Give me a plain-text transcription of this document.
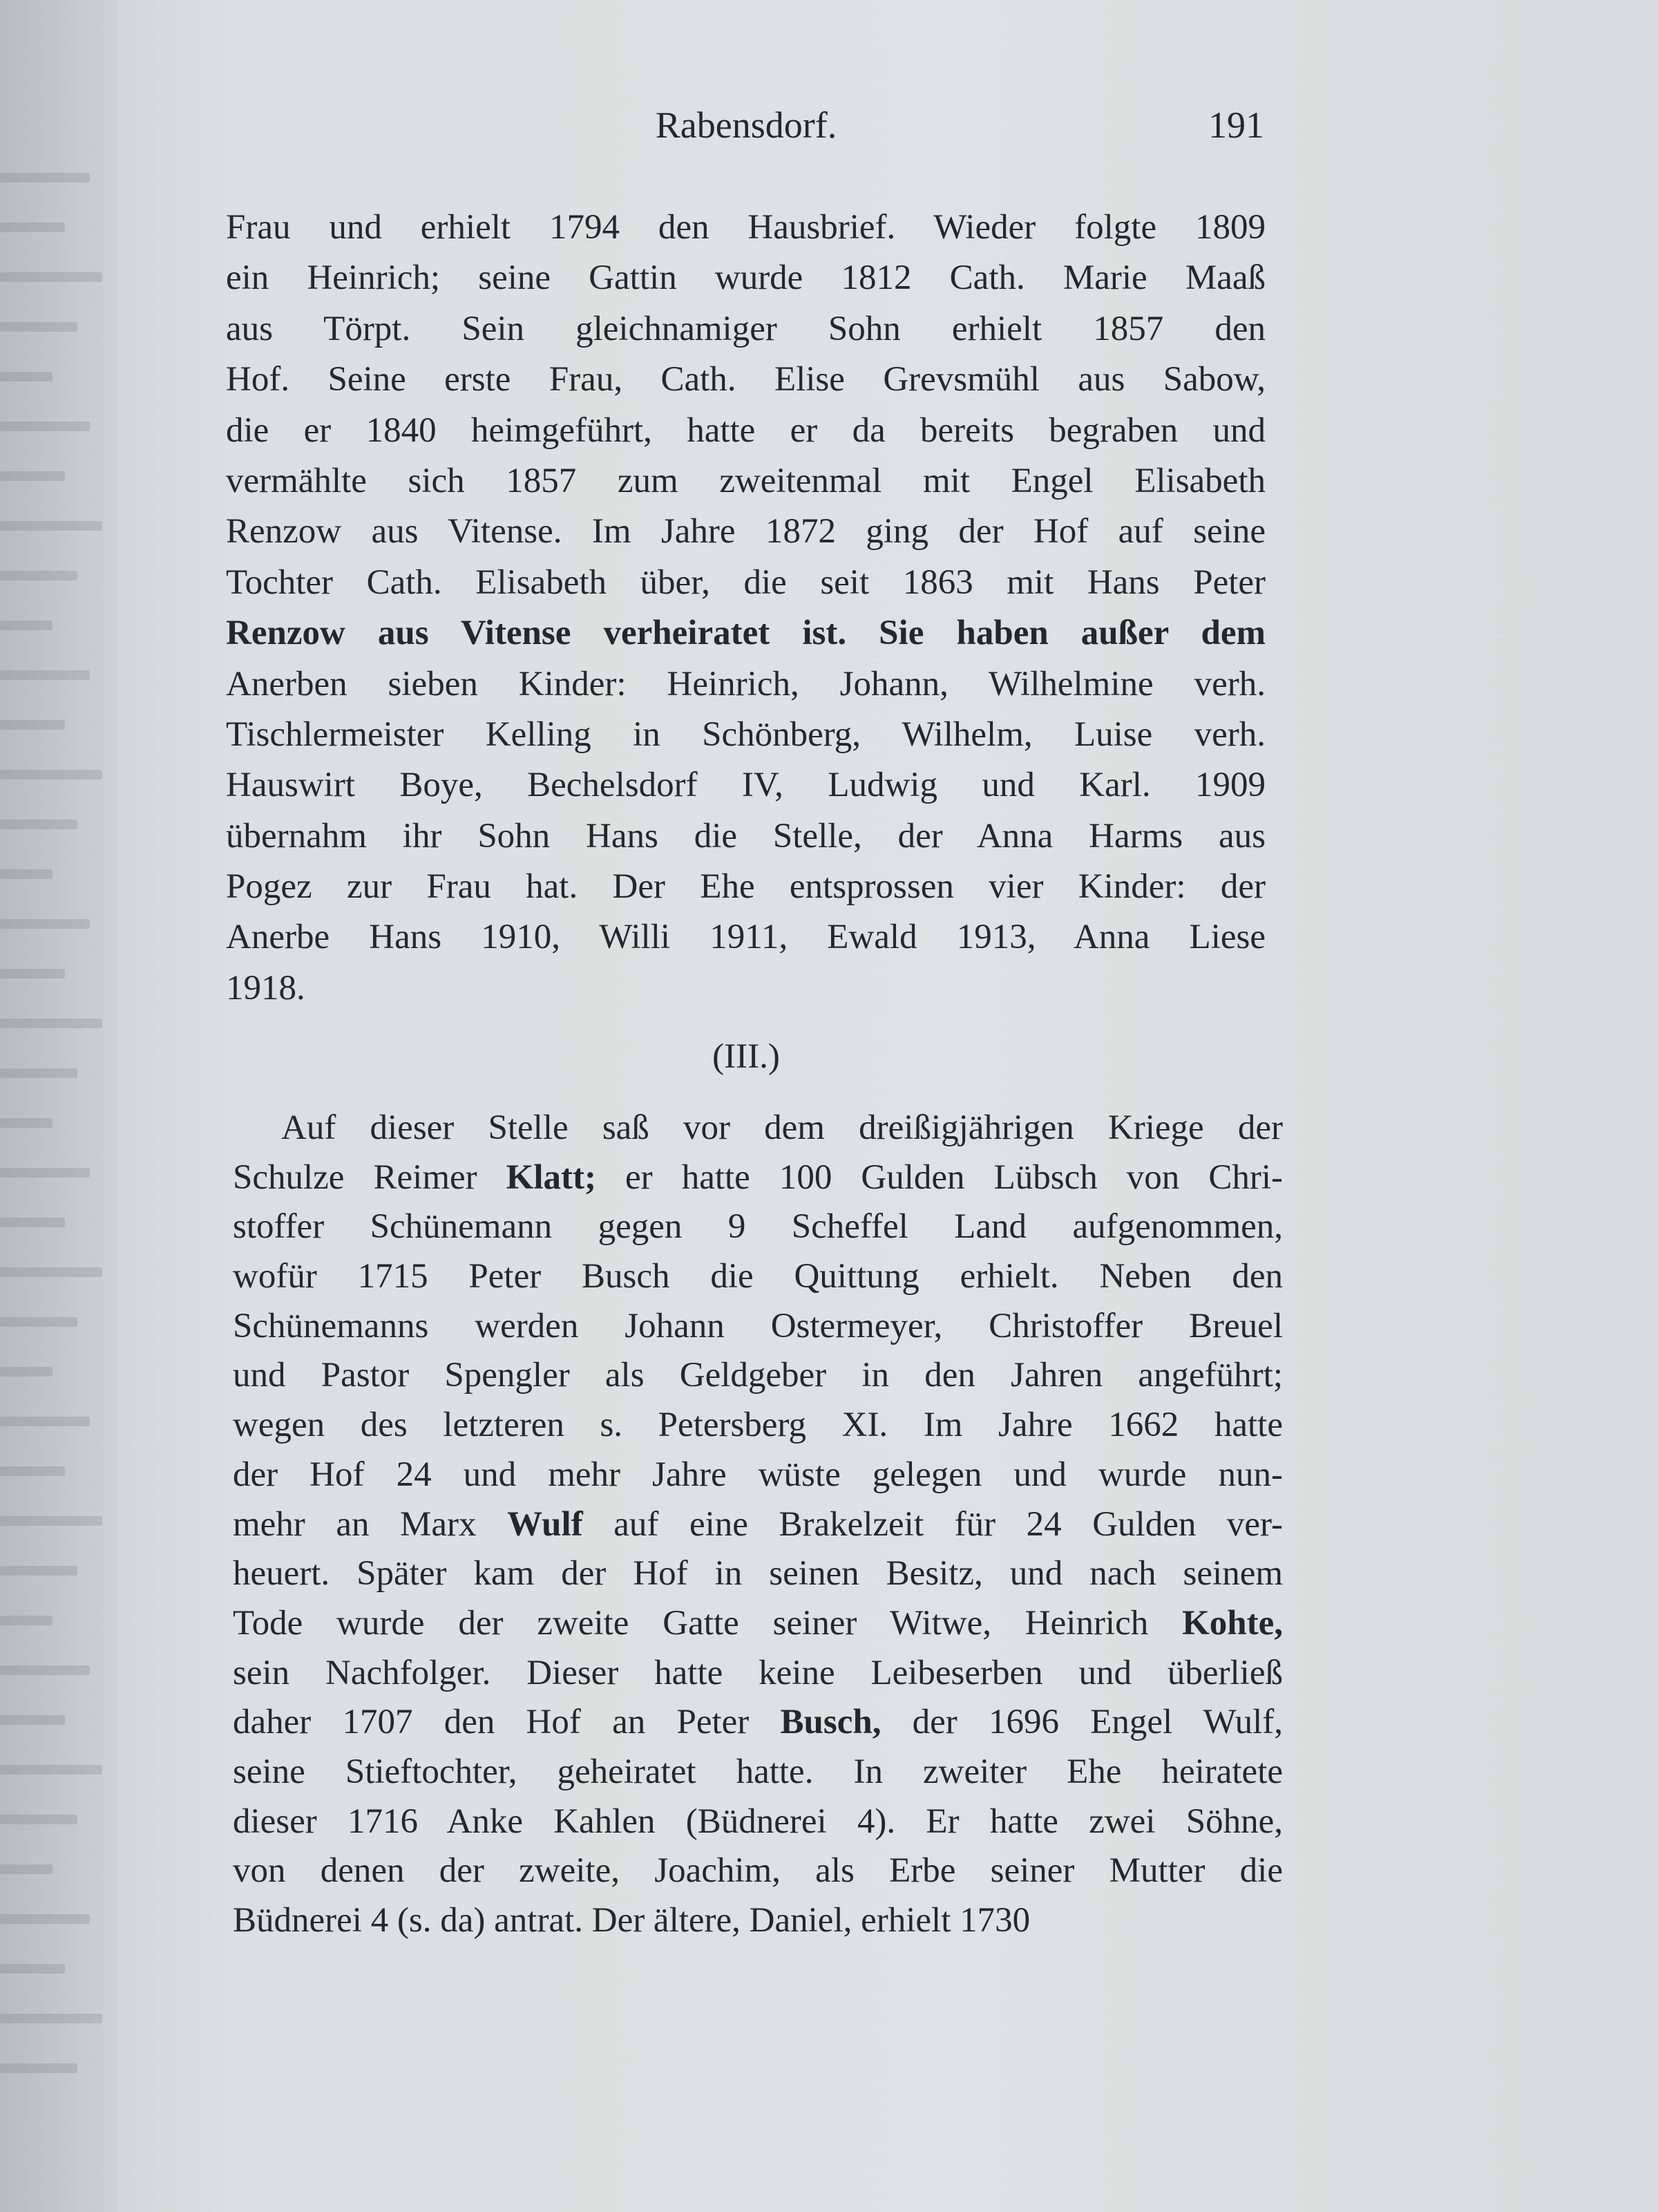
Rabensdorf.	191
Frau und erhielt 1794 den Hausbrief. Wieder folgte 1809
ein Heinrich; seine Gattin wurde 1812 Cath. Marie Maaß
aus Törpt. Sein gleichnamiger Sohn erhielt 1857 den
Hof. Seine erste Frau, Cath. Elise Grevsmühl aus Sabow,
die er 1840 heimgeführt, hatte er da bereits begraben und
vermählte sich 1857 zum zweitenmal mit Engel Elisabeth
Renzow aus Vitense. Im Jahre 1872 ging der Hof auf seine
Tochter Cath. Elisabeth über, die seit 1863 mit Hans Peter
Renzow aus Vitense verheiratet ist. Sie haben außer dem
Anerben sieben Kinder: Heinrich, Johann, Wilhelmine verh.
Tischlermeister Kelling in Schönberg, Wilhelm, Luise verh.
Hauswirt Boye, Bechelsdorf IV, Ludwig und Karl. 1909
übernahm ihr Sohn Hans die Stelle, der Anna Harms aus
Pogez zur Frau hat. Der Ehe entsprossen vier Kinder: der
Anerbe Hans 1910, Willi 1911, Ewald 1913, Anna Liese
1918.
(III.)
Auf dieser Stelle saß vor dem dreißigjährigen Kriege der
Schulze Reimer Klatt; er hatte 100 Gulden Lübsch von Chri-
stoffer Schünemann gegen 9 Scheffel Land aufgenommen,
wofür 1715 Peter Busch die Quittung erhielt. Neben den
Schünemanns werden Johann Ostermeyer, Christoffer Breuel
und Pastor Spengler als Geldgeber in den Jahren angeführt;
wegen des letzteren s. Petersberg XI. Im Jahre 1662 hatte
der Hof 24 und mehr Jahre wüste gelegen und wurde nun-
mehr an Marx Wulf auf eine Brakelzeit für 24 Gulden ver-
heuert. Später kam der Hof in seinen Besitz, und nach seinem
Tode wurde der zweite Gatte seiner Witwe, Heinrich Kohte,
sein Nachfolger. Dieser hatte keine Leibeserben und überließ
daher 1707 den Hof an Peter Busch, der 1696 Engel Wulf,
seine Stieftochter, geheiratet hatte. In zweiter Ehe heiratete
dieser 1716 Anke Kahlen (Büdnerei 4). Er hatte zwei Söhne,
von denen der zweite, Joachim, als Erbe seiner Mutter die
Büdnerei 4 (s. da) antrat. Der ältere, Daniel, erhielt 1730
